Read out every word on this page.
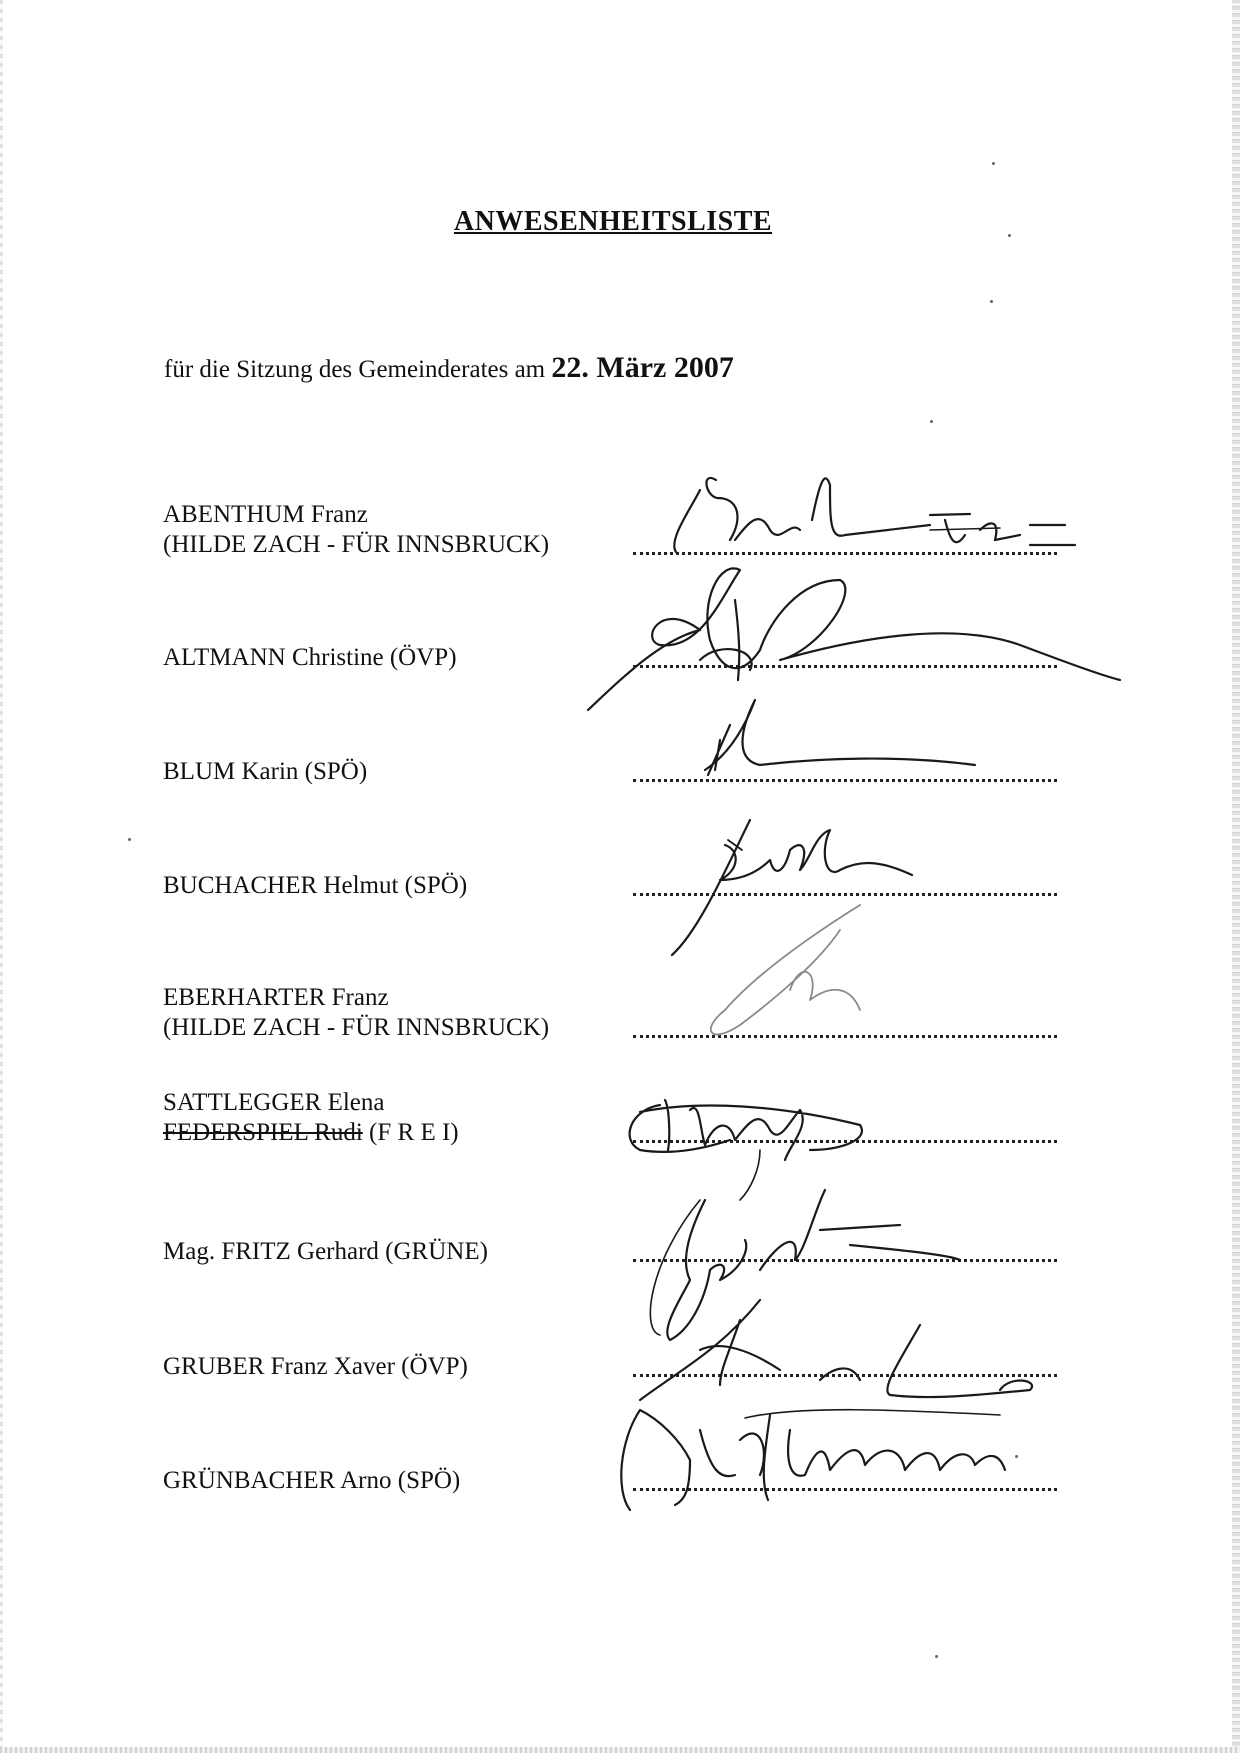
ANWESENHEITSLISTE

für die Sitzung des Gemeinderates am 22. März 2007

ABENTHUM Franz
(HILDE ZACH - FÜR INNSBRUCK)
ALTMANN Christine (ÖVP)
BLUM Karin (SPÖ)
BUCHACHER Helmut (SPÖ)
EBERHARTER Franz
(HILDE ZACH - FÜR INNSBRUCK)
SATTLEGGER Elena
FEDERSPIEL Rudi (F R E I)
Mag. FRITZ Gerhard (GRÜNE)
GRUBER Franz Xaver (ÖVP)
GRÜNBACHER Arno (SPÖ)
